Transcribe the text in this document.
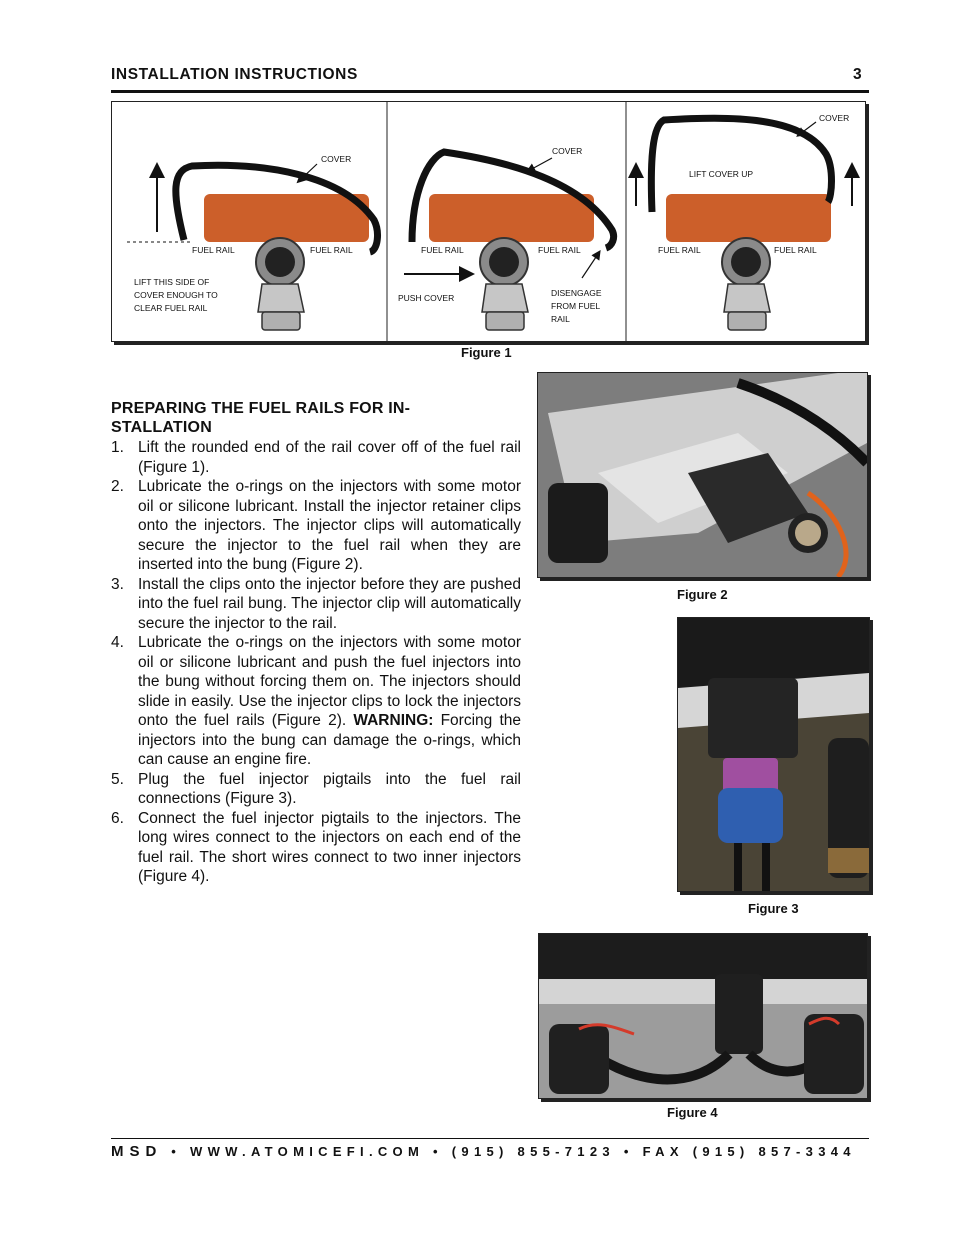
INSTALLATION INSTRUCTIONS	3
COVER
FUEL RAIL	FUEL RAIL
LIFT THIS SIDE OF
COVER ENOUGH TO
CLEAR FUEL RAIL
COVER
FUEL RAIL	FUEL RAIL
PUSH COVER	DISENGAGE
FROM FUEL
RAIL
COVER
LIFT COVER UP
FUEL RAIL	FUEL RAIL
Figure 1
PREPARING THE FUEL RAILS FOR IN-
STALLATION
1. Lift the rounded end of the rail cover off of the fuel rail (Figure 1).
2. Lubricate the o-rings on the injectors with some motor oil or silicone lubricant. Install the injector retainer clips onto the injectors. The injector clips will automatically secure the injector to the fuel rail when they are inserted into the bung (Figure 2).
3. Install the clips onto the injector before they are pushed into the fuel rail bung. The injector clip will automatically secure the injector to the rail.
4. Lubricate the o-rings on the injectors with some motor oil or silicone lubricant and push the fuel injectors into the bung without forcing them on. The injectors should slide in easily. Use the injector clips to lock the injectors onto the fuel rails (Figure 2). WARNING: Forcing the injectors into the bung can damage the o-rings, which can cause an engine fire.
5. Plug the fuel injector pigtails into the fuel rail connections (Figure 3).
6. Connect the fuel injector pigtails to the injectors. The long wires connect to the injectors on each end of the fuel rail. The short wires connect to two inner injectors (Figure 4).
Figure 2
Figure 3
Figure 4
MSD • WWW.ATOMICEFI.COM • (915) 855-7123 • FAX (915) 857-3344
